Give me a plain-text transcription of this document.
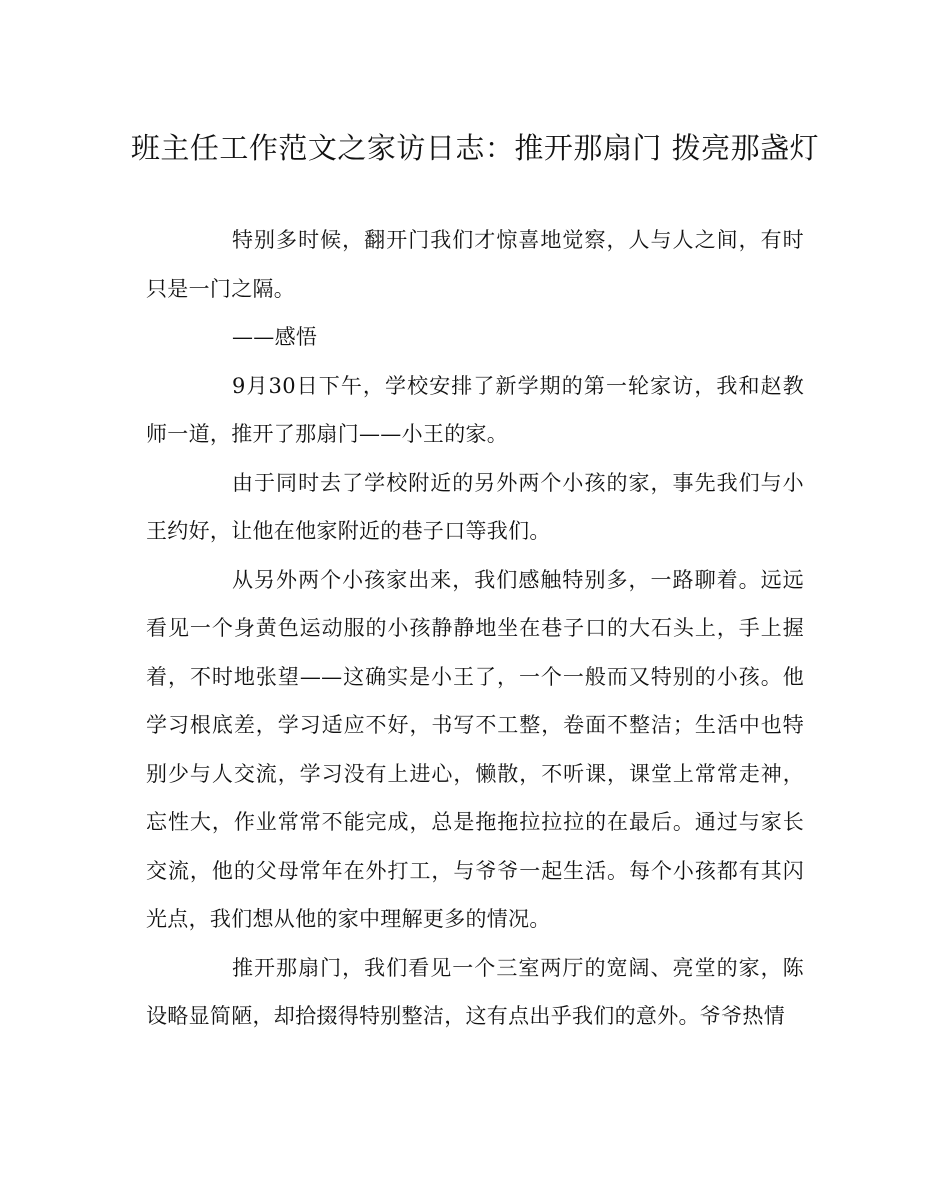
班主任工作范文之家访日志：推开那扇门 拨亮那盏灯

特别多时候，翻开门我们才惊喜地觉察，人与人之间，有时只是一门之隔。

——感悟

9月30日下午，学校安排了新学期的第一轮家访，我和赵教师一道，推开了那扇门——小王的家。

由于同时去了学校附近的另外两个小孩的家，事先我们与小王约好，让他在他家附近的巷子口等我们。

从另外两个小孩家出来，我们感触特别多，一路聊着。远远看见一个身黄色运动服的小孩静静地坐在巷子口的大石头上，手上握着，不时地张望——这确实是小王了，一个一般而又特别的小孩。他学习根底差，学习适应不好，书写不工整，卷面不整洁；生活中也特别少与人交流，学习没有上进心，懒散，不听课，课堂上常常走神，忘性大，作业常常不能完成，总是拖拖拉拉拉的在最后。通过与家长交流，他的父母常年在外打工，与爷爷一起生活。每个小孩都有其闪光点，我们想从他的家中理解更多的情况。

推开那扇门，我们看见一个三室两厅的宽阔、亮堂的家，陈设略显简陋，却拾掇得特别整洁，这有点出乎我们的意外。爷爷热情
